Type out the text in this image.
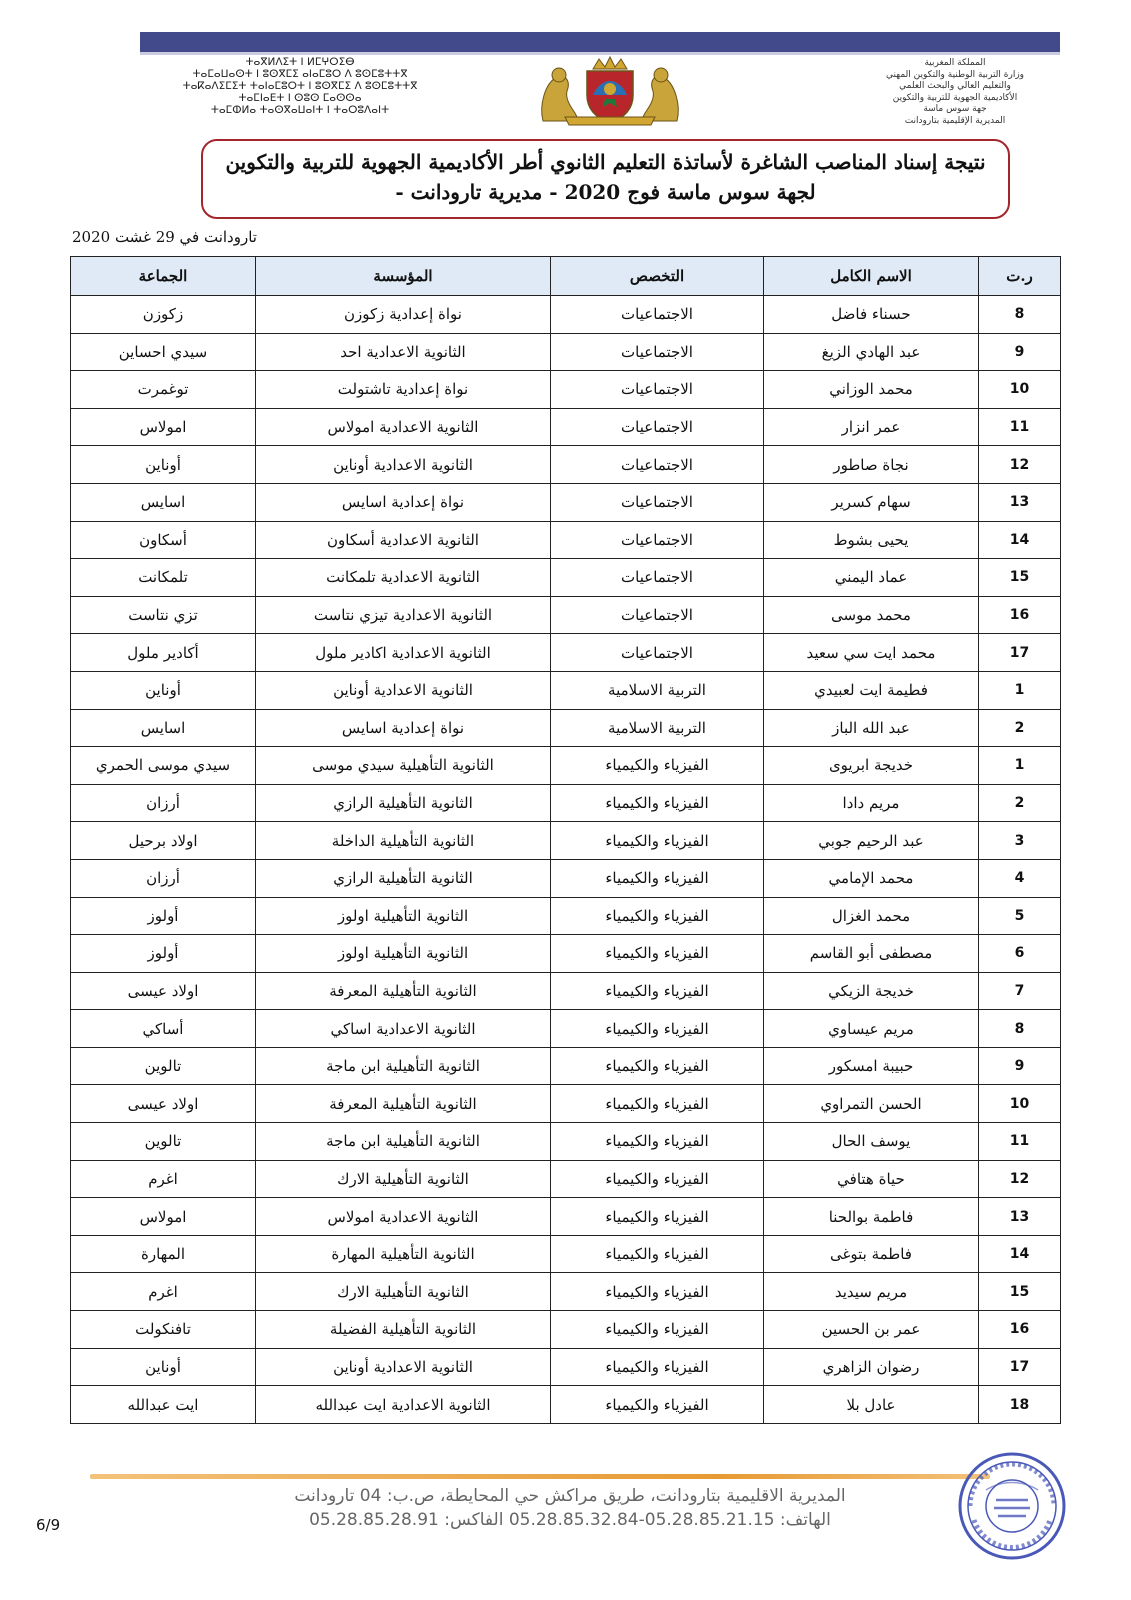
ⵜⴰⴳⵍⴷⵉⵜ ⵏ ⵍⵎⵖⵔⵉⴱ
ⵜⴰⵎⴰⵡⴰⵙⵜ ⵏ ⵓⵙⴳⵎⵉ ⴰⵏⴰⵎⵓⵔ ⴷ ⵓⵙⵎⵓⵜⵜⴳ
ⵜⴰⴽⴰⴷⵉⵎⵉⵜ ⵜⴰⵏⴰⵎⵓⵔⵜ ⵏ ⵓⵙⴳⵎⵉ ⴷ ⵓⵙⵎⵓⵜⵜⴳ
ⵜⴰⵎⵏⴰⴹⵜ ⵏ ⵙⵓⵙ ⵎⴰⵙⵙⴰ
ⵜⴰⵎⵀⵍⴰ ⵜⴰⵙⴳⴰⵡⴰⵏⵜ ⵏ ⵜⴰⵔⵓⴷⴰⵏⵜ
المملكة المغربية
وزارة التربية الوطنية والتكوين المهني
والتعليم العالي والبحث العلمي
الأكاديمية الجهوية للتربية والتكوين
جهة سوس ماسة
المديرية الإقليمية بتارودانت
نتيجة إسناد المناصب الشاغرة لأساتذة التعليم الثانوي أطر الأكاديمية الجهوية للتربية والتكوين
لجهة سوس ماسة فوج 2020 - مديرية تارودانت -
تارودانت في 29 غشت 2020
ر.ت	الاسم الكامل	التخصص	المؤسسة	الجماعة
8	حسناء فاضل	الاجتماعيات	نواة إعدادية زكوزن	زكوزن
9	عبد الهادي الزيغ	الاجتماعيات	الثانوية الاعدادية احد	سيدي احساين
10	محمد الوزاني	الاجتماعيات	نواة إعدادية تاشتولت	توغمرت
11	عمر انزار	الاجتماعيات	الثانوية الاعدادية امولاس	امولاس
12	نجاة صاطور	الاجتماعيات	الثانوية الاعدادية أوناين	أوناين
13	سهام كسرير	الاجتماعيات	نواة إعدادية اسايس	اسايس
14	يحيى بشوط	الاجتماعيات	الثانوية الاعدادية أسكاون	أسكاون
15	عماد اليمني	الاجتماعيات	الثانوية الاعدادية تلمكانت	تلمكانت
16	محمد موسى	الاجتماعيات	الثانوية الاعدادية تيزي نتاست	تزي نتاست
17	محمد ايت سي سعيد	الاجتماعيات	الثانوية الاعدادية اكادير ملول	أكادير ملول
1	فطيمة ايت لعبيدي	التربية الاسلامية	الثانوية الاعدادية أوناين	أوناين
2	عبد الله الباز	التربية الاسلامية	نواة إعدادية اسايس	اسايس
1	خديجة ابريوى	الفيزياء والكيمياء	الثانوية التأهيلية سيدي موسى	سيدي موسى الحمري
2	مريم دادا	الفيزياء والكيمياء	الثانوية التأهيلية الرازي	أرزان
3	عبد الرحيم جوبي	الفيزياء والكيمياء	الثانوية التأهيلية الداخلة	اولاد برحيل
4	محمد الإمامي	الفيزياء والكيمياء	الثانوية التأهيلية الرازي	أرزان
5	محمد الغزال	الفيزياء والكيمياء	الثانوية التأهيلية اولوز	أولوز
6	مصطفى أبو القاسم	الفيزياء والكيمياء	الثانوية التأهيلية اولوز	أولوز
7	خديجة الزيكي	الفيزياء والكيمياء	الثانوية التأهيلية المعرفة	اولاد عيسى
8	مريم عيساوي	الفيزياء والكيمياء	الثانوية الاعدادية اساكي	أساكي
9	حبيبة امسكور	الفيزياء والكيمياء	الثانوية التأهيلية ابن ماجة	تالوين
10	الحسن التمراوي	الفيزياء والكيمياء	الثانوية التأهيلية المعرفة	اولاد عيسى
11	يوسف الحال	الفيزياء والكيمياء	الثانوية التأهيلية ابن ماجة	تالوين
12	حياة هتافي	الفيزياء والكيمياء	الثانوية التأهيلية الارك	اغرم
13	فاطمة بوالحنا	الفيزياء والكيمياء	الثانوية الاعدادية امولاس	امولاس
14	فاطمة بتوغى	الفيزياء والكيمياء	الثانوية التأهيلية المهارة	المهارة
15	مريم سيديد	الفيزياء والكيمياء	الثانوية التأهيلية الارك	اغرم
16	عمر بن الحسين	الفيزياء والكيمياء	الثانوية التأهيلية الفضيلة	تافنكولت
17	رضوان الزاهري	الفيزياء والكيمياء	الثانوية الاعدادية أوناين	أوناين
18	عادل بلا	الفيزياء والكيمياء	الثانوية الاعدادية ايت عبدالله	ايت عبدالله
المديرية الاقليمية بتارودانت، طريق مراكش حي المحايطة، ص.ب: 04 تارودانت
الهاتف: 05.28.85.21.15-05.28.85.32.84 الفاكس: 05.28.85.28.91
6/9
